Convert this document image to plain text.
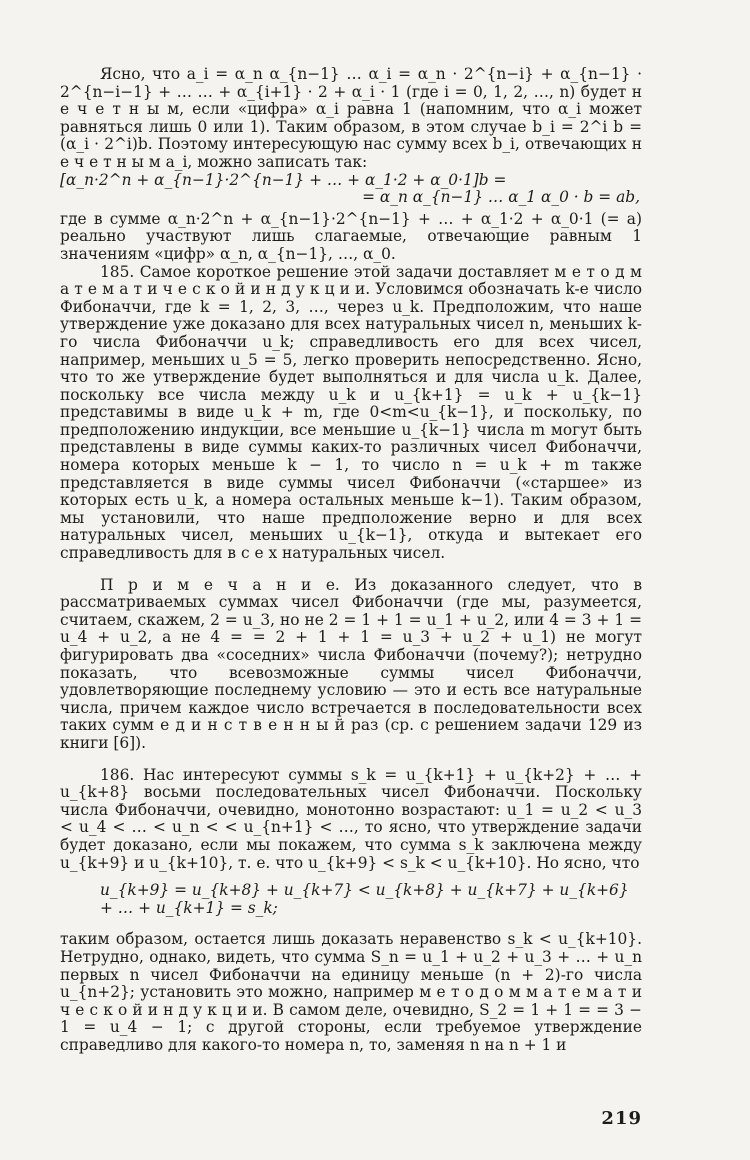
Ясно, что a_i = α_n α_{n−1} … α_i = α_n · 2^{n−i} + α_{n−1} · 2^{n−i−1} + … … + α_{i+1} · 2 + α_i · 1 (где i = 0, 1, 2, …, n) будет н е ч е т н ы м, если «цифра» α_i равна 1 (напомним, что α_i может равняться лишь 0 или 1). Таким образом, в этом случае b_i = 2^i b = (α_i · 2^i)b. Поэтому интересующую нас сумму всех b_i, отвечающих н е ч е т н ы м a_i, можно записать так:

[α_n·2^n + α_{n−1}·2^{n−1} + … + α_1·2 + α_0·1]b =

= α_n α_{n−1} … α_1 α_0 · b = ab,

где в сумме α_n·2^n + α_{n−1}·2^{n−1} + … + α_1·2 + α_0·1 (= a) реально участвуют лишь слагаемые, отвечающие равным 1 значениям «цифр» α_n, α_{n−1}, …, α_0.

185. Самое короткое решение этой задачи доставляет м е т о д м а т е м а т и ч е с к о й и н д у к ц и и. Условимся обозначать k-е число Фибоначчи, где k = 1, 2, 3, …, через u_k. Предположим, что наше утверждение уже доказано для всех натуральных чисел n, меньших k-го числа Фибоначчи u_k; справедливость его для всех чисел, например, меньших u_5 = 5, легко проверить непосредственно. Ясно, что то же утверждение будет выполняться и для числа u_k. Далее, поскольку все числа между u_k и u_{k+1} = u_k + u_{k−1} представимы в виде u_k + m, где 0<m<u_{k−1}, и поскольку, по предположению индукции, все меньшие u_{k−1} числа m могут быть представлены в виде суммы каких-то различных чисел Фибоначчи, номера которых меньше k − 1, то число n = u_k + m также представляется в виде суммы чисел Фибоначчи («старшее» из которых есть u_k, а номера остальных меньше k−1). Таким образом, мы установили, что наше предположение верно и для всех натуральных чисел, меньших u_{k−1}, откуда и вытекает его справедливость для в с е х натуральных чисел.

П р и м е ч а н и е. Из доказанного следует, что в рассматриваемых суммах чисел Фибоначчи (где мы, разумеется, считаем, скажем, 2 = u_3, но не 2 = 1 + 1 = u_1 + u_2, или 4 = 3 + 1 = u_4 + u_2, а не 4 = = 2 + 1 + 1 = u_3 + u_2 + u_1) не могут фигурировать два «соседних» числа Фибоначчи (почему?); нетрудно показать, что всевозможные суммы чисел Фибоначчи, удовлетворяющие последнему условию — это и есть все натуральные числа, причем каждое число встречается в последовательности всех таких сумм е д и н с т в е н н ы й раз (ср. с решением задачи 129 из книги [6]).

186. Нас интересуют суммы s_k = u_{k+1} + u_{k+2} + … + u_{k+8} восьми последовательных чисел Фибоначчи. Поскольку числа Фибоначчи, очевидно, монотонно возрастают: u_1 = u_2 < u_3 < u_4 < … < u_n < < u_{n+1} < …, то ясно, что утверждение задачи будет доказано, если мы покажем, что сумма s_k заключена между u_{k+9} и u_{k+10}, т. е. что u_{k+9} < s_k < u_{k+10}. Но ясно, что

u_{k+9} = u_{k+8} + u_{k+7} < u_{k+8} + u_{k+7} + u_{k+6} + … + u_{k+1} = s_k;

таким образом, остается лишь доказать неравенство s_k < u_{k+10}. Нетрудно, однако, видеть, что сумма S_n = u_1 + u_2 + u_3 + … + u_n первых n чисел Фибоначчи на единицу меньше (n + 2)-го числа u_{n+2}; установить это можно, например м е т о д о м м а т е м а т и ч е с к о й и н д у к ц и и. В самом деле, очевидно, S_2 = 1 + 1 = = 3 − 1 = u_4 − 1; с другой стороны, если требуемое утверждение справедливо для какого-то номера n, то, заменяя n на n + 1 и

219
